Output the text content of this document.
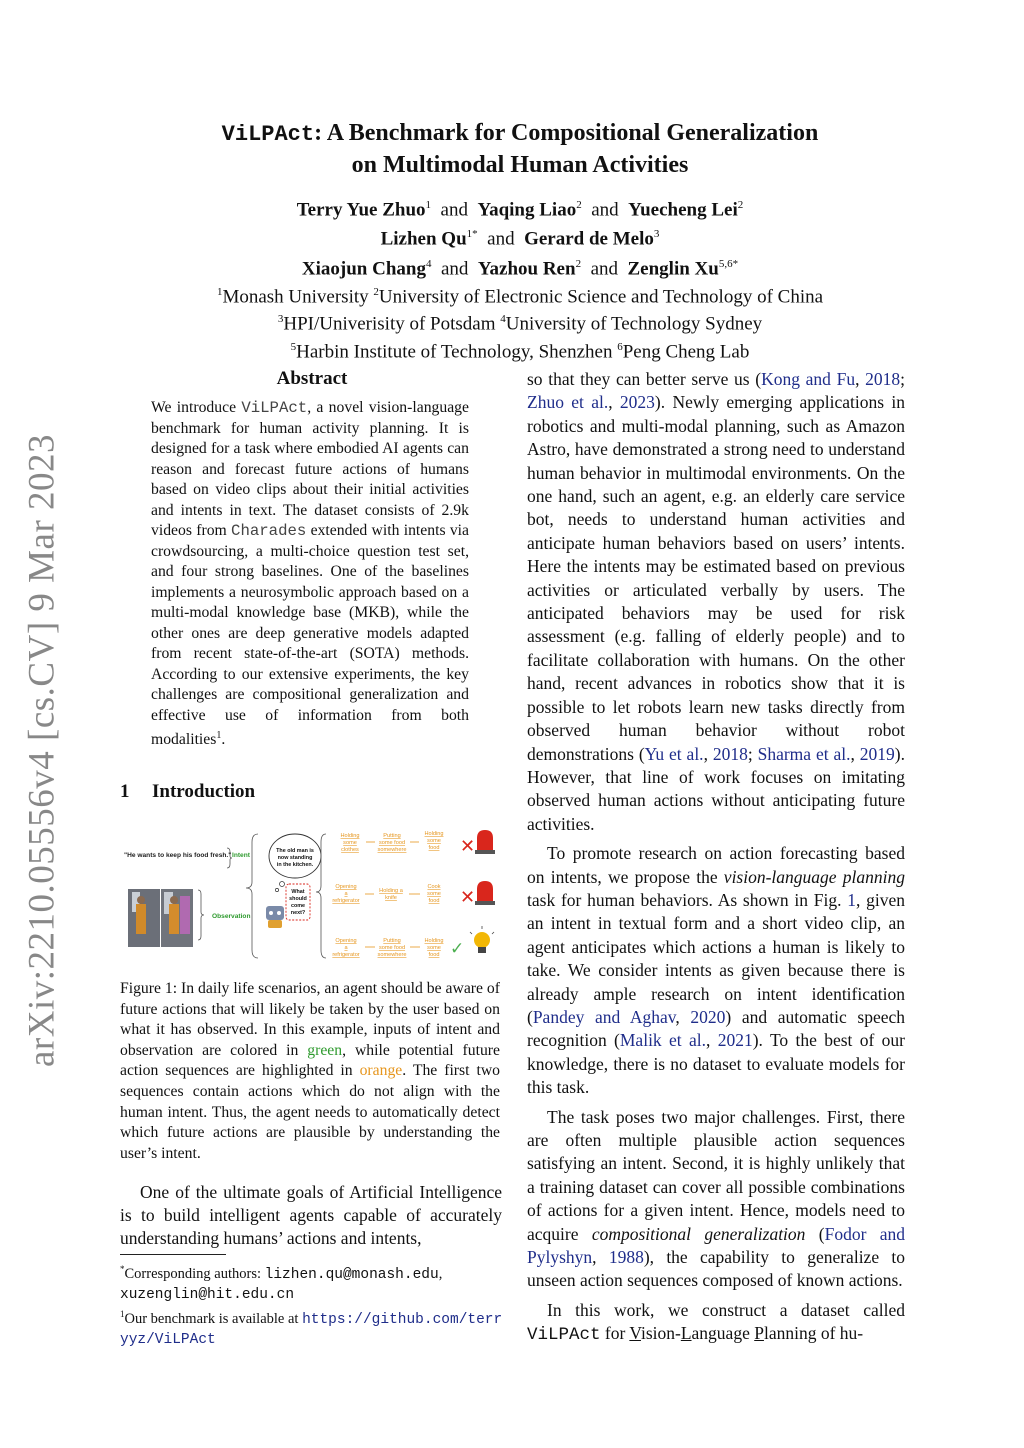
arXiv:2210.05556v4 [cs.CV] 9 Mar 2023
ViLPAct: A Benchmark for Compositional Generalization
on Multimodal Human Activities
Terry Yue Zhuo$^1$ and Yaqing Liao$^2$ and Yuecheng Lei$^2$
Lizhen $Qu^{1*}$ and Gerard de Melo$^3$
Xiaojun Chang$^4$ and Yazhou Ren$^2$ and Zenglin $Xu^{5,6*}$
$^1$Monash University $^2$University of Electronic Science and Technology of China
$^3$HPI/Univerisity of Potsdam $^4$University of Technology Sydney
$^5$Harbin Institute of Technology, Shenzhen $^6$Peng Cheng Lab
Abstract
We introduce ViLPAct, a novel vision-language benchmark for human activity planning. It is designed for a task where embodied AI agents can reason and forecast future actions of humans based on video clips about their initial activities and intents in text. The dataset consists of 2.9k videos from Charades extended with intents via crowdsourcing, a multi-choice question test set, and four strong baselines. One of the baselines implements a neurosymbolic approach based on a multi-modal knowledge base (MKB), while the other ones are deep generative models adapted from recent state-of-the-art (SOTA) methods. According to our extensive experiments, the key challenges are compositional generalization and effective use of information from both modalities$^1$.
1 Introduction
"He wants to keep his food fresh." Intent
Observation
The old man is
now standing
in the kitchen.
What
should
come
next?
Holding
some
clothes
Putting
some food
somewhere
Holding
some
food ✕
Opening
a
refrigerator
Holding a
knife
Cook
some
food ✕
Opening
a
refrigerator
Putting
some food
somewhere
Holding
some
food ✓
Figure 1: In daily life scenarios, an agent should be aware of future actions that will likely be taken by the user based on what it has observed. In this example, inputs of intent and observation are colored in green, while potential future action sequences are highlighted in orange. The first two sequences contain actions which do not align with the human intent. Thus, the agent needs to automatically detect which future actions are plausible by understanding the user’s intent.
One of the ultimate goals of Artificial Intelligence is to build intelligent agents capable of accurately understanding humans’ actions and intents,
*Corresponding authors: lizhen.qu@monash.edu, xuzenglin@hit.edu.cn
$^1$Our benchmark is available at https://github.com/terryyz/ViLPAct

so that they can better serve us (Kong and Fu, 2018; Zhuo et al., 2023). Newly emerging applications in robotics and multi-modal planning, such as Amazon Astro, have demonstrated a strong need to understand human behavior in multimodal environments. On the one hand, such an agent, e.g. an elderly care service bot, needs to understand human activities and anticipate human behaviors based on users’ intents. Here the intents may be estimated based on previous activities or articulated verbally by users. The anticipated behaviors may be used for risk assessment (e.g. falling of elderly people) and to facilitate collaboration with humans. On the other hand, recent advances in robotics show that it is possible to let robots learn new tasks directly from observed human behavior without robot demonstrations (Yu et al., 2018; Sharma et al., 2019). However, that line of work focuses on imitating observed human actions without anticipating future activities.

To promote research on action forecasting based on intents, we propose the vision-language planning task for human behaviors. As shown in Fig. 1, given an intent in textual form and a short video clip, an agent anticipates which actions a human is likely to take. We consider intents as given because there is already ample research on intent identification (Pandey and Aghav, 2020) and automatic speech recognition (Malik et al., 2021). To the best of our knowledge, there is no dataset to evaluate models for this task.

The task poses two major challenges. First, there are often multiple plausible action sequences satisfying an intent. Second, it is highly unlikely that a training dataset can cover all possible combinations of actions for a given intent. Hence, models need to acquire compositional generalization (Fodor and Pylyshyn, 1988), the capability to generalize to unseen action sequences composed of known actions.

In this work, we construct a dataset called ViLPAct for Vision-Language Planning of hu-
